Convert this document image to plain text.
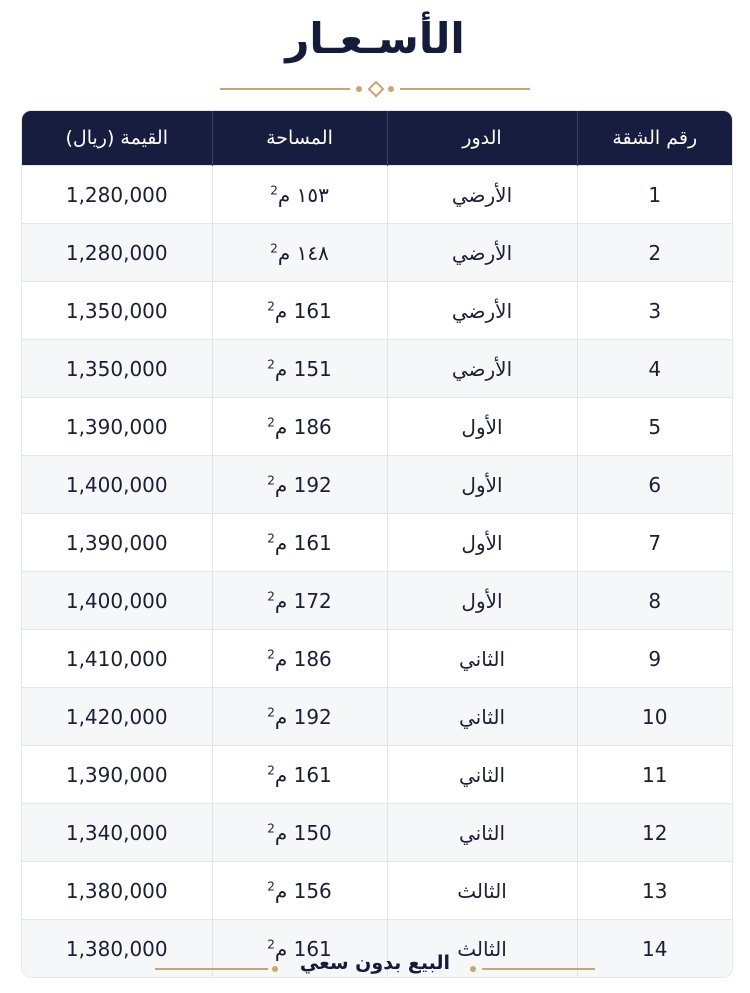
الأسـعـار
رقم الشقة	الدور	المساحة	القيمة (ريال)
1	الأرضي	١٥٣ م$^2$	1,280,000
2	الأرضي	١٤٨ م$^2$	1,280,000
3	الأرضي	161 م$^2$	1,350,000
4	الأرضي	151 م$^2$	1,350,000
5	الأول	186 م$^2$	1,390,000
6	الأول	192 م$^2$	1,400,000
7	الأول	161 م$^2$	1,390,000
8	الأول	172 م$^2$	1,400,000
9	الثاني	186 م$^2$	1,410,000
10	الثاني	192 م$^2$	1,420,000
11	الثاني	161 م$^2$	1,390,000
12	الثاني	150 م$^2$	1,340,000
13	الثالث	156 م$^2$	1,380,000
14	الثالث	161 م$^2$	1,380,000
البيع بدون سعي
